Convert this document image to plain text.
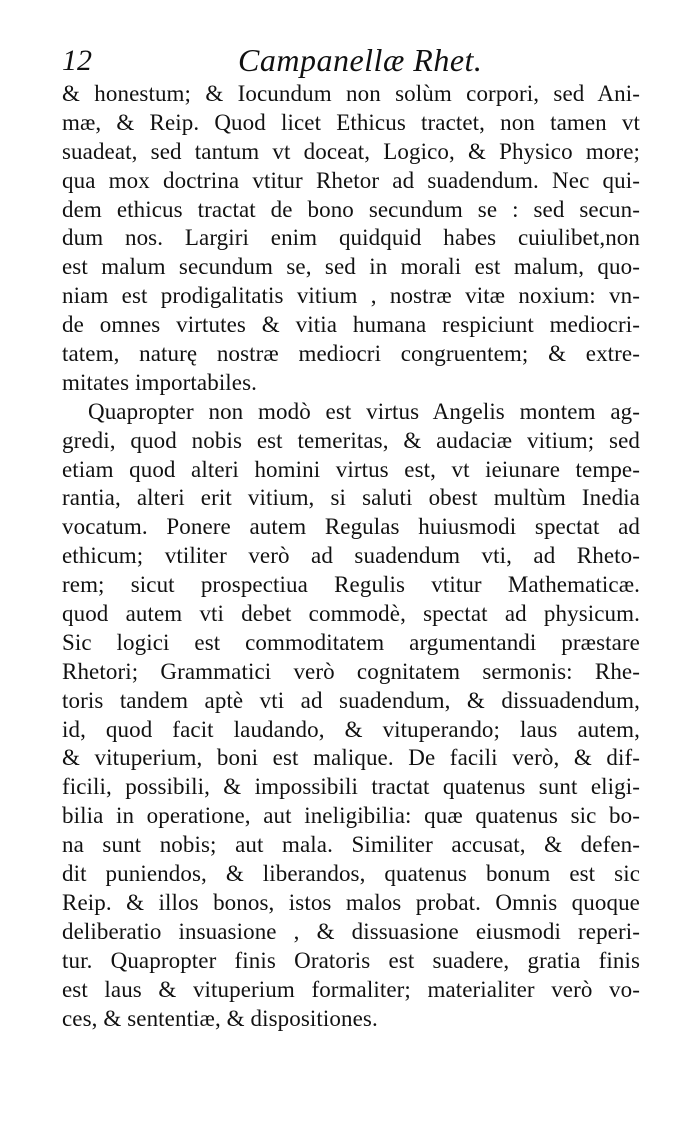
12	Campanellæ Rhet.
& honestum; & Iocundum non solùm corpori, sed Ani-
mæ, & Reip. Quod licet Ethicus tractet, non tamen vt
suadeat, sed tantum vt doceat, Logico, & Physico more;
qua mox doctrina vtitur Rhetor ad suadendum. Nec qui-
dem ethicus tractat de bono secundum se : sed secun-
dum nos. Largiri enim quidquid habes cuiulibet,non
est malum secundum se, sed in morali est malum, quo-
niam est prodigalitatis vitium , nostræ vitæ noxium: vn-
de omnes virtutes & vitia humana respiciunt mediocri-
tatem, naturę nostræ mediocri congruentem; & extre-
mitates importabiles.
Quapropter non modò est virtus Angelis montem ag-
gredi, quod nobis est temeritas, & audaciæ vitium; sed
etiam quod alteri homini virtus est, vt ieiunare tempe-
rantia, alteri erit vitium, si saluti obest multùm Inedia
vocatum. Ponere autem Regulas huiusmodi spectat ad
ethicum; vtiliter verò ad suadendum vti, ad Rheto-
rem; sicut prospectiua Regulis vtitur Mathematicæ.
quod autem vti debet commodè, spectat ad physicum.
Sic logici est commoditatem argumentandi præstare
Rhetori; Grammatici verò cognitatem sermonis: Rhe-
toris tandem aptè vti ad suadendum, & dissuadendum,
id, quod facit laudando, & vituperando; laus autem,
& vituperium, boni est malique. De facili verò, & dif-
ficili, possibili, & impossibili tractat quatenus sunt eligi-
bilia in operatione, aut ineligibilia: quæ quatenus sic bo-
na sunt nobis; aut mala. Similiter accusat, & defen-
dit puniendos, & liberandos, quatenus bonum est sic
Reip. & illos bonos, istos malos probat. Omnis quoque
deliberatio insuasione , & dissuasione eiusmodi reperi-
tur. Quapropter finis Oratoris est suadere, gratia finis
est laus & vituperium formaliter; materialiter verò vo-
ces, & sententiæ, & dispositiones.
